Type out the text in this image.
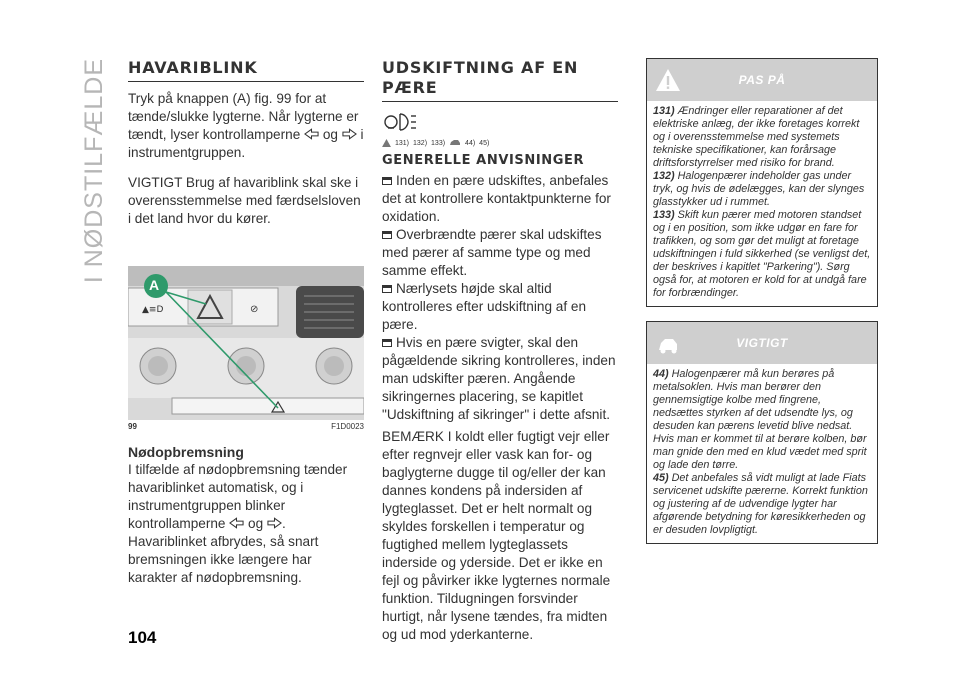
I NØDSTILFÆLDE
104
HAVARIBLINK

Tryk på knappen (A) fig. 99 for at tænde/slukke lygterne. Når lygterne er tændt, lyser kontrollamperne og i instrumentgruppen.

VIGTIGT Brug af havariblink skal ske i overensstemmelse med færdselsloven i det land hvor du kører.

▲≡D	⊘
A
99	F1D0023
Nødopbremsning

I tilfælde af nødopbremsning tænder havariblinket automatisk, og i instrumentgruppen blinker kontrollamperne og .
Havariblinket afbrydes, så snart bremsningen ikke længere har karakter af nødopbremsning.

UDSKIFTNING AF EN PÆRE
131) 132) 133)	44) 45)
GENERELLE ANVISNINGER

Inden en pære udskiftes, anbefales det at kontrollere kontaktpunkterne for oxidation.

Overbrændte pærer skal udskiftes med pærer af samme type og med samme effekt.

Nærlysets højde skal altid kontrolleres efter udskiftning af en pære.

Hvis en pære svigter, skal den pågældende sikring kontrolleres, inden man udskifter pæren. Angående sikringernes placering, se kapitlet "Udskiftning af sikringer" i dette afsnit.

BEMÆRK I koldt eller fugtigt vejr eller efter regnvejr eller vask kan for- og baglygterne dugge til og/eller der kan dannes kondens på indersiden af lygteglasset. Det er helt normalt og skyldes forskellen i temperatur og fugtighed mellem lygteglassets inderside og yderside. Det er ikke en fejl og påvirker ikke lygternes normale funktion. Tildugningen forsvinder hurtigt, når lysene tændes, fra midten og ud mod yderkanterne.

PAS PÅ

131) Ændringer eller reparationer af det elektriske anlæg, der ikke foretages korrekt og i overensstemmelse med systemets tekniske specifikationer, kan forårsage driftsforstyrrelser med risiko for brand.

132) Halogenpærer indeholder gas under tryk, og hvis de ødelægges, kan der slynges glasstykker ud i rummet.

133) Skift kun pærer med motoren standset og i en position, som ikke udgør en fare for trafikken, og som gør det muligt at foretage udskiftningen i fuld sikkerhed (se venligst det, der beskrives i kapitlet "Parkering"). Sørg også for, at motoren er kold for at undgå fare for forbrændinger.

VIGTIGT

44) Halogenpærer må kun berøres på metalsoklen. Hvis man berører den gennemsigtige kolbe med fingrene, nedsættes styrken af det udsendte lys, og desuden kan pærens levetid blive nedsat. Hvis man er kommet til at berøre kolben, bør man gnide den med en klud vædet med sprit og lade den tørre.

45) Det anbefales så vidt muligt at lade Fiats servicenet udskifte pærerne. Korrekt funktion og justering af de udvendige lygter har afgørende betydning for køresikkerheden og er desuden lovpligtigt.
